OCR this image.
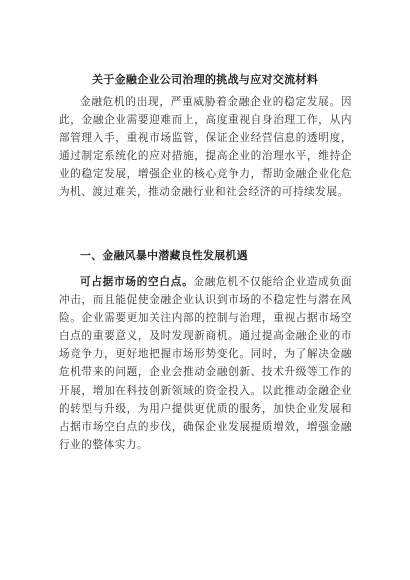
关于金融企业公司治理的挑战与应对交流材料

金融危机的出现，严重威胁着金融企业的稳定发展。因此，金融企业需要迎难而上，高度重视自身治理工作，从内部管理入手，重视市场监管，保证企业经营信息的透明度，通过制定系统化的应对措施，提高企业的治理水平，维持企业的稳定发展，增强企业的核心竞争力，帮助金融企业化危为机、渡过难关，推动金融行业和社会经济的可持续发展。

一、金融风暴中潜藏良性发展机遇

可占据市场的空白点。金融危机不仅能给企业造成负面冲击，而且能促使金融企业认识到市场的不稳定性与潜在风险。企业需要更加关注内部的控制与治理，重视占据市场空白点的重要意义，及时发现新商机。通过提高金融企业的市场竞争力，更好地把握市场形势变化。同时，为了解决金融危机带来的问题，企业会推动金融创新、技术升级等工作的开展，增加在科技创新领域的资金投入。以此推动金融企业的转型与升级，为用户提供更优质的服务，加快企业发展和占据市场空白点的步伐，确保企业发展提质增效，增强金融行业的整体实力。
